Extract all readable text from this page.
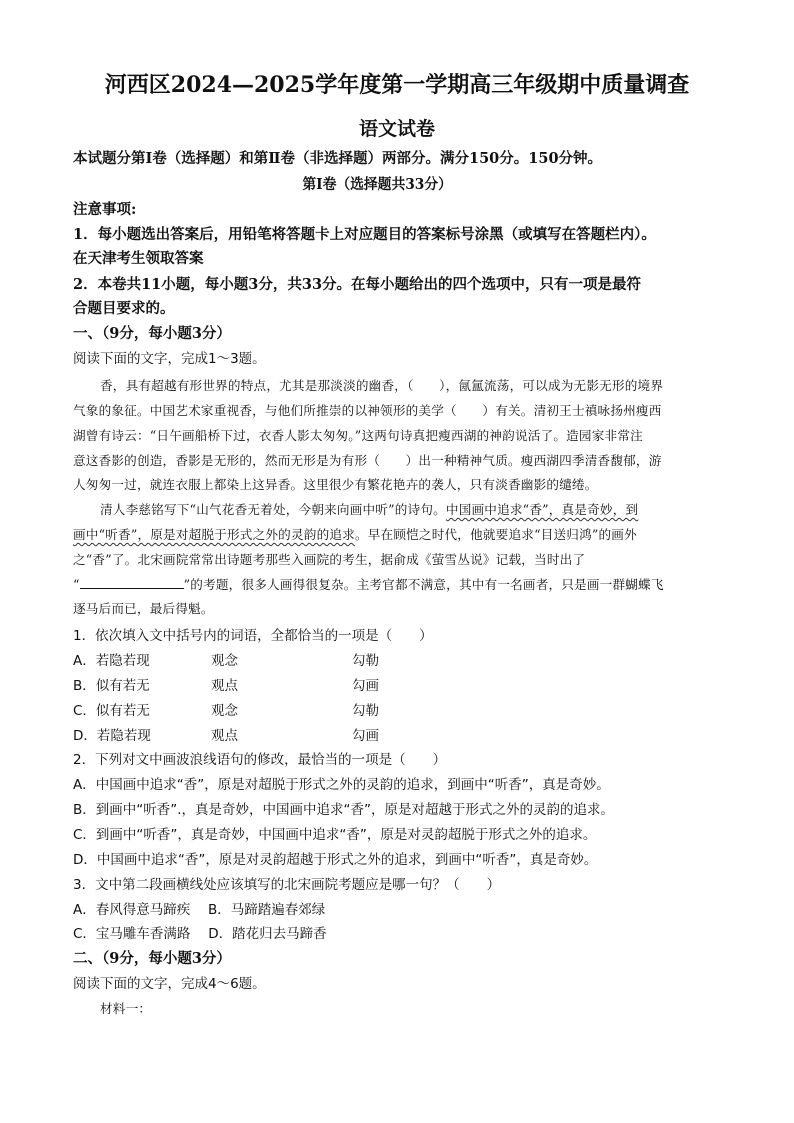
河西区2024—2025学年度第一学期高三年级期中质量调查
语文试卷
本试题分第Ⅰ卷（选择题）和第Ⅱ卷（非选择题）两部分。满分150分。150分钟。
第Ⅰ卷（选择题共33分）
注意事项:
1．每小题选出答案后，用铅笔将答题卡上对应题目的答案标号涂黑（或填写在答题栏内）。
在天津考生领取答案
2．本卷共11小题，每小题3分，共33分。在每小题给出的四个选项中，只有一项是最符
合题目要求的。
一、（9分，每小题3分）
阅读下面的文字，完成1～3题。
香，具有超越有形世界的特点，尤其是那淡淡的幽香，（　　），氤氲流荡，可以成为无影无形的境界
气象的象征。中国艺术家重视香，与他们所推崇的以神领形的美学（　　）有关。清初王士禛咏扬州瘦西
湖曾有诗云：“日午画船桥下过，衣香人影太匆匆。”这两句诗真把瘦西湖的神韵说活了。造园家非常注
意这香影的创造，香影是无形的，然而无形是为有形（　　）出一种精神气质。瘦西湖四季清香馥郁，游
人匆匆一过，就连衣服上都染上这异香。这里很少有繁花艳卉的袭人，只有淡香幽影的缱绻。
清人李慈铭写下“山气花香无着处，今朝来向画中听”的诗句。中国画中追求“香”，真是奇妙，到
画中“听香”，原是对超脱于形式之外的灵韵的追求。早在顾恺之时代，他就要追求“目送归鸿”的画外
之“香”了。北宋画院常常出诗题考那些入画院的考生，据俞成《萤雪丛说》记载，当时出了
“	”的考题，很多人画得很复杂。主考官都不满意，其中有一名画者，只是画一群蝴蝶飞
逐马后而已，最后得魁。
1．依次填入文中括号内的词语，全都恰当的一项是（　　）
A．若隐若现	观念	勾勒
B．似有若无	观点	勾画
C．似有若无	观念	勾勒
D．若隐若现	观点	勾画
2．下列对文中画波浪线语句的修改，最恰当的一项是（　　）
A．中国画中追求“香”，原是对超脱于形式之外的灵韵的追求，到画中“听香”，真是奇妙。
B．到画中“听香”.，真是奇妙，中国画中追求“香”，原是对超越于形式之外的灵韵的追求。
C．到画中“听香”，真是奇妙，中国画中追求“香”，原是对灵韵超脱于形式之外的追求。
D．中国画中追求“香”，原是对灵韵超越于形式之外的追求，到画中“听香”，真是奇妙。
3．文中第二段画横线处应该填写的北宋画院考题应是哪一句？（　　）
A．春风得意马蹄疾　 B．马蹄踏遍春郊绿
C．宝马雕车香满路　 D．踏花归去马蹄香
二、（9分，每小题3分）
阅读下面的文字，完成4～6题。
材料一：
